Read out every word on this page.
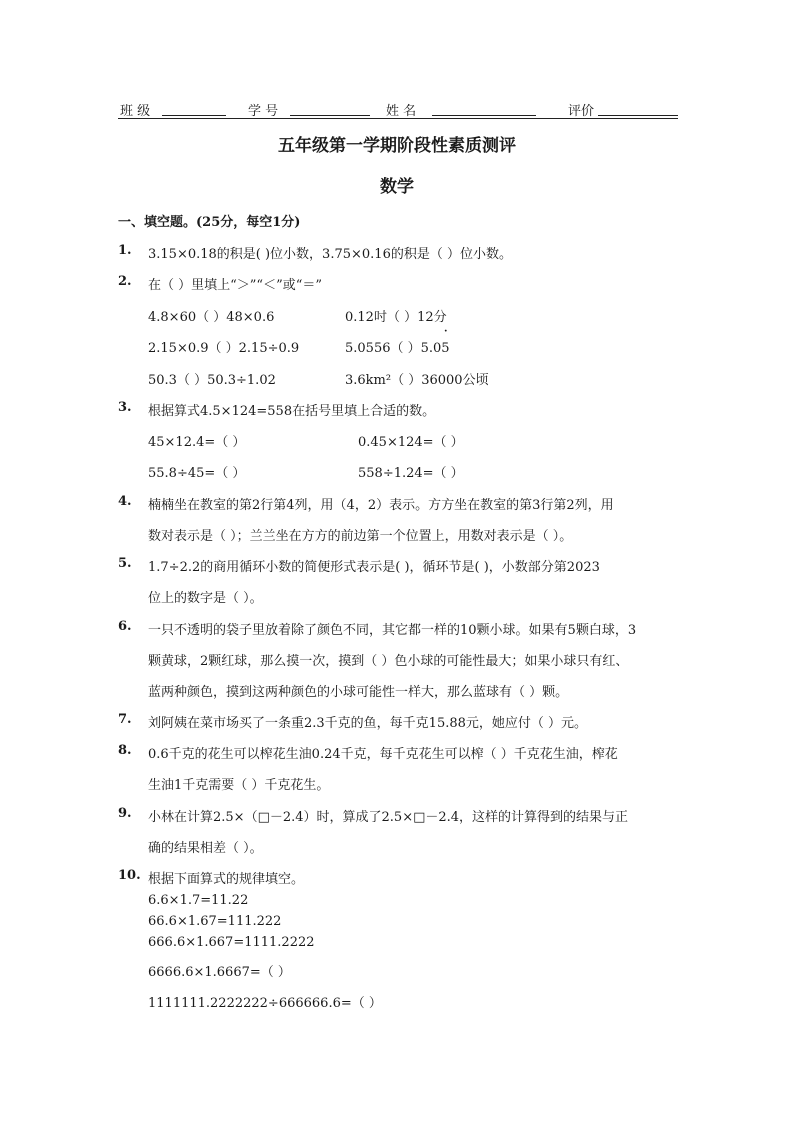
班 级	学 号	姓 名	评价
五年级第一学期阶段性素质测评
数学
一、填空题。(25分，每空1分)
1. 3.15×0.18的积是( )位小数，3.75×0.16的积是（ ）位小数。
2. 在（ ）里填上“＞”“＜”或“＝”
4.8×60（ ）48×0.6	0.12吋（ ）12分
2.15×0.9（ ）2.15÷0.9	5.0556（ ）5.05
·
50.3（ ）50.3÷1.02	3.6km²（ ）36000公顷
3. 根据算式4.5×124=558在括号里填上合适的数。
45×12.4=（ ）	0.45×124=（ ）
55.8÷45=（ ）	558÷1.24=（ ）
4. 楠楠坐在教室的第2行第4列，用（4，2）表示。方方坐在教室的第3行第2列，用
数对表示是（ ）；兰兰坐在方方的前边第一个位置上，用数对表示是（ ）。
5. 1.7÷2.2的商用循环小数的简便形式表示是( )，循环节是( )，小数部分第2023
位上的数字是（ ）。
6. 一只不透明的袋子里放着除了颜色不同，其它都一样的10颗小球。如果有5颗白球，3
颗黄球，2颗红球，那么摸一次，摸到（ ）色小球的可能性最大；如果小球只有红、
蓝两种颜色，摸到这两种颜色的小球可能性一样大，那么蓝球有（ ）颗。
7. 刘阿姨在菜市场买了一条重2.3千克的鱼，每千克15.88元，她应付（ ）元。
8. 0.6千克的花生可以榨花生油0.24千克，每千克花生可以榨（ ）千克花生油，榨花
生油1千克需要（ ）千克花生。
9. 小林在计算2.5×（□－2.4）时，算成了2.5×□－2.4，这样的计算得到的结果与正
确的结果相差（ ）。
10. 根据下面算式的规律填空。
6.6×1.7=11.22
66.6×1.67=111.222
666.6×1.667=1111.2222
6666.6×1.6667=（ ）
1111111.2222222÷666666.6=（ ）
